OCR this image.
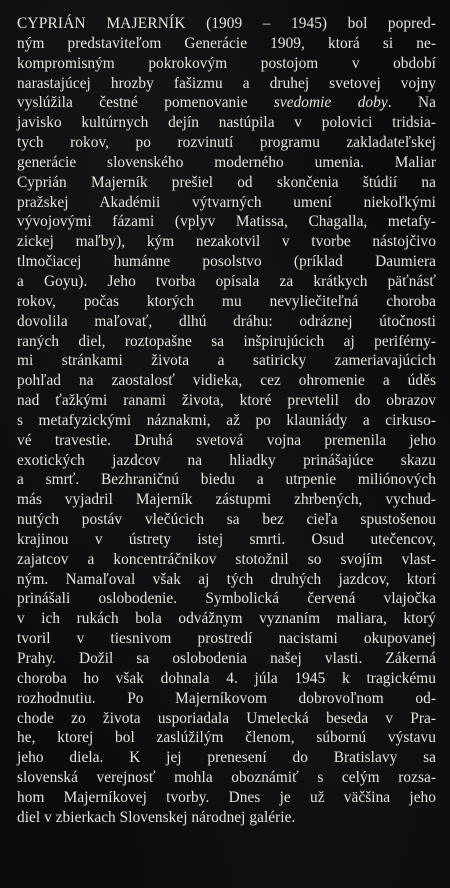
CYPRIÁN MAJERNÍK (1909 – 1945) bol popred-
ným predstaviteľom Generácie 1909, ktorá si ne-
kompromisným pokrokovým postojom v období
narastajúcej hrozby fašizmu a druhej svetovej vojny
vyslúžila čestné pomenovanie svedomie doby. Na
javisko kultúrnych dejín nastúpila v polovici tridsia-
tych rokov, po rozvinutí programu zakladateľskej
generácie slovenského moderného umenia. Maliar
Cyprián Majerník prešiel od skončenia štúdií na
pražskej Akadémii výtvarných umení niekoľkými
vývojovými fázami (vplyv Matissa, Chagalla, metafy-
zickej maľby), kým nezakotvil v tvorbe nástojčivo
tlmočiacej humánne posolstvo (príklad Daumiera
a Goyu). Jeho tvorba opísala za krátkych päťnásť
rokov, počas ktorých mu nevyliečiteľná choroba
dovolila maľovať, dlhú dráhu: odráznej útočnosti
raných diel, roztopašne sa inšpirujúcich aj periférny-
mi stránkami života a satiricky zameriavajúcich
pohľad na zaostalosť vidieka, cez ohromenie a úděs
nad ťažkými ranami života, ktoré prevtelil do obrazov
s metafyzickými náznakmi, až po klauniády a cirkuso-
vé travestie. Druhá svetová vojna premenila jeho
exotických jazdcov na hliadky prinášajúce skazu
a smrť. Bezhraničnú biedu a utrpenie miliónových
más vyjadril Majerník zástupmi zhrbených, vychud-
nutých postáv vlečúcich sa bez cieľa spustošenou
krajinou v ústrety istej smrti. Osud utečencov,
zajatcov a koncentráčnikov stotožnil so svojím vlast-
ným. Namaľoval však aj tých druhých jazdcov, ktorí
prinášali oslobodenie. Symbolická červená vlajočka
v ich rukách bola odvážnym vyznaním maliara, ktorý
tvoril v tiesnivom prostredí nacistami okupovanej
Prahy. Dožil sa oslobodenia našej vlasti. Zákerná
choroba ho však dohnala 4. júla 1945 k tragickému
rozhodnutiu. Po Majerníkovom dobrovoľnom od-
chode zo života usporiadala Umelecká beseda v Pra-
he, ktorej bol zaslúžilým členom, súbornú výstavu
jeho diela. K jej prenesení do Bratislavy sa
slovenská verejnosť mohla oboznámiť s celým rozsa-
hom Majerníkovej tvorby. Dnes je už väčšina jeho
diel v zbierkach Slovenskej národnej galérie.
